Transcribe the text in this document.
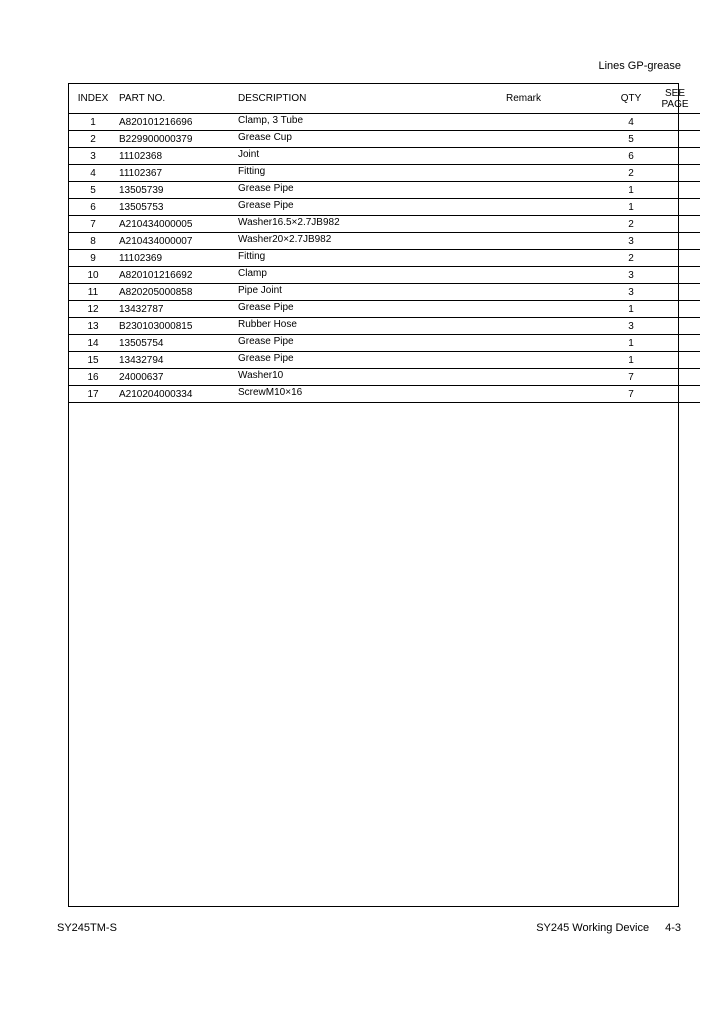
Lines GP-grease
INDEX	PART NO.	DESCRIPTION	Remark	QTY	SEE
PAGE
1	A820101216696	Clamp, 3 Tube		4	
2	B229900000379	Grease Cup		5	
3	11102368	Joint		6	
4	11102367	Fitting		2	
5	13505739	Grease Pipe		1	
6	13505753	Grease Pipe		1	
7	A210434000005	Washer16.5×2.7JB982		2	
8	A210434000007	Washer20×2.7JB982		3	
9	11102369	Fitting		2	
10	A820101216692	Clamp		3	
11	A820205000858	Pipe Joint		3	
12	13432787	Grease Pipe		1	
13	B230103000815	Rubber Hose		3	
14	13505754	Grease Pipe		1	
15	13432794	Grease Pipe		1	
16	24000637	Washer10		7	
17	A210204000334	ScrewM10×16		7	
SY245TM-S	SY245 Working Device 4-3
